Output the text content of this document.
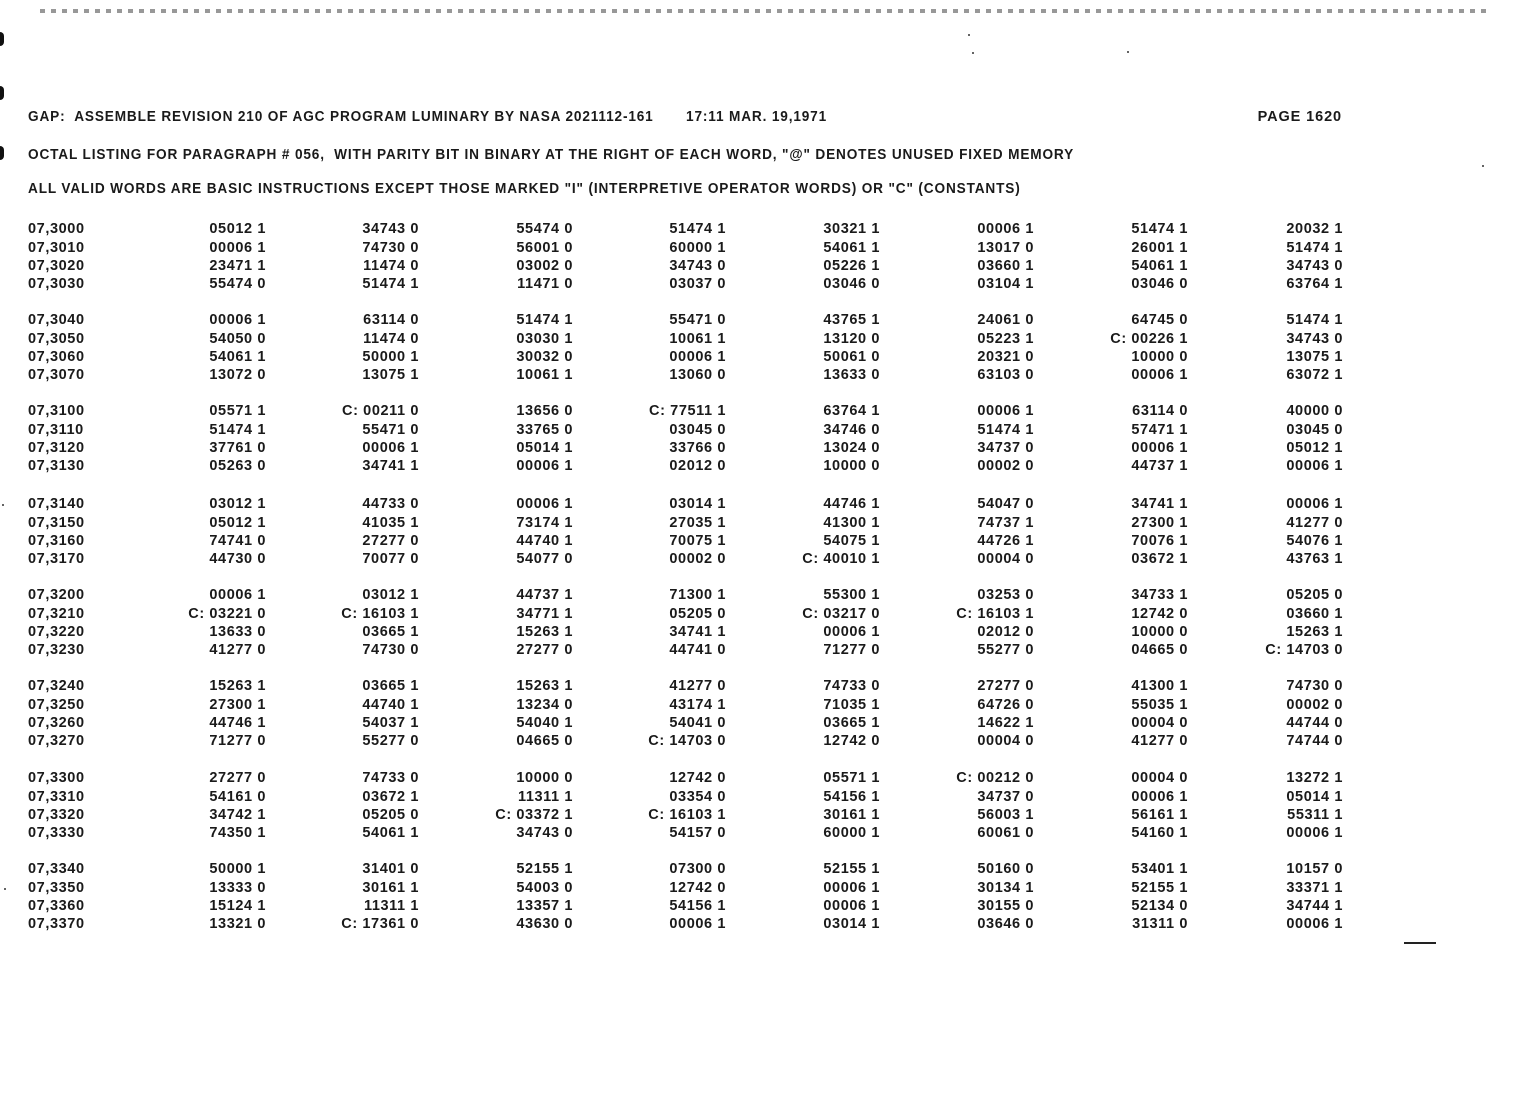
GAP:  ASSEMBLE REVISION 210 OF AGC PROGRAM LUMINARY BY NASA 2021112-161       17:11 MAR. 19,1971	PAGE 1620
OCTAL LISTING FOR PARAGRAPH # 056,  WITH PARITY BIT IN BINARY AT THE RIGHT OF EACH WORD, "@" DENOTES UNUSED FIXED MEMORY
ALL VALID WORDS ARE BASIC INSTRUCTIONS EXCEPT THOSE MARKED "I" (INTERPRETIVE OPERATOR WORDS) OR "C" (CONSTANTS)
07,3000	05012 1	34743 0	55474 0	51474 1	30321 1	00006 1	51474 1	20032 1
07,3010	00006 1	74730 0	56001 0	60000 1	54061 1	13017 0	26001 1	51474 1
07,3020	23471 1	11474 0	03002 0	34743 0	05226 1	03660 1	54061 1	34743 0
07,3030	55474 0	51474 1	11471 0	03037 0	03046 0	03104 1	03046 0	63764 1
07,3040	00006 1	63114 0	51474 1	55471 0	43765 1	24061 0	64745 0	51474 1
07,3050	54050 0	11474 0	03030 1	10061 1	13120 0	05223 1	C: 00226 1	34743 0
07,3060	54061 1	50000 1	30032 0	00006 1	50061 0	20321 0	10000 0	13075 1
07,3070	13072 0	13075 1	10061 1	13060 0	13633 0	63103 0	00006 1	63072 1
07,3100	05571 1	C: 00211 0	13656 0	C: 77511 1	63764 1	00006 1	63114 0	40000 0
07,3110	51474 1	55471 0	33765 0	03045 0	34746 0	51474 1	57471 1	03045 0
07,3120	37761 0	00006 1	05014 1	33766 0	13024 0	34737 0	00006 1	05012 1
07,3130	05263 0	34741 1	00006 1	02012 0	10000 0	00002 0	44737 1	00006 1
07,3140	03012 1	44733 0	00006 1	03014 1	44746 1	54047 0	34741 1	00006 1
07,3150	05012 1	41035 1	73174 1	27035 1	41300 1	74737 1	27300 1	41277 0
07,3160	74741 0	27277 0	44740 1	70075 1	54075 1	44726 1	70076 1	54076 1
07,3170	44730 0	70077 0	54077 0	00002 0	C: 40010 1	00004 0	03672 1	43763 1
07,3200	00006 1	03012 1	44737 1	71300 1	55300 1	03253 0	34733 1	05205 0
07,3210	C: 03221 0	C: 16103 1	34771 1	05205 0	C: 03217 0	C: 16103 1	12742 0	03660 1
07,3220	13633 0	03665 1	15263 1	34741 1	00006 1	02012 0	10000 0	15263 1
07,3230	41277 0	74730 0	27277 0	44741 0	71277 0	55277 0	04665 0	C: 14703 0
07,3240	15263 1	03665 1	15263 1	41277 0	74733 0	27277 0	41300 1	74730 0
07,3250	27300 1	44740 1	13234 0	43174 1	71035 1	64726 0	55035 1	00002 0
07,3260	44746 1	54037 1	54040 1	54041 0	03665 1	14622 1	00004 0	44744 0
07,3270	71277 0	55277 0	04665 0	C: 14703 0	12742 0	00004 0	41277 0	74744 0
07,3300	27277 0	74733 0	10000 0	12742 0	05571 1	C: 00212 0	00004 0	13272 1
07,3310	54161 0	03672 1	11311 1	03354 0	54156 1	34737 0	00006 1	05014 1
07,3320	34742 1	05205 0	C: 03372 1	C: 16103 1	30161 1	56003 1	56161 1	55311 1
07,3330	74350 1	54061 1	34743 0	54157 0	60000 1	60061 0	54160 1	00006 1
07,3340	50000 1	31401 0	52155 1	07300 0	52155 1	50160 0	53401 1	10157 0
07,3350	13333 0	30161 1	54003 0	12742 0	00006 1	30134 1	52155 1	33371 1
07,3360	15124 1	11311 1	13357 1	54156 1	00006 1	30155 0	52134 0	34744 1
07,3370	13321 0	C: 17361 0	43630 0	00006 1	03014 1	03646 0	31311 0	00006 1
